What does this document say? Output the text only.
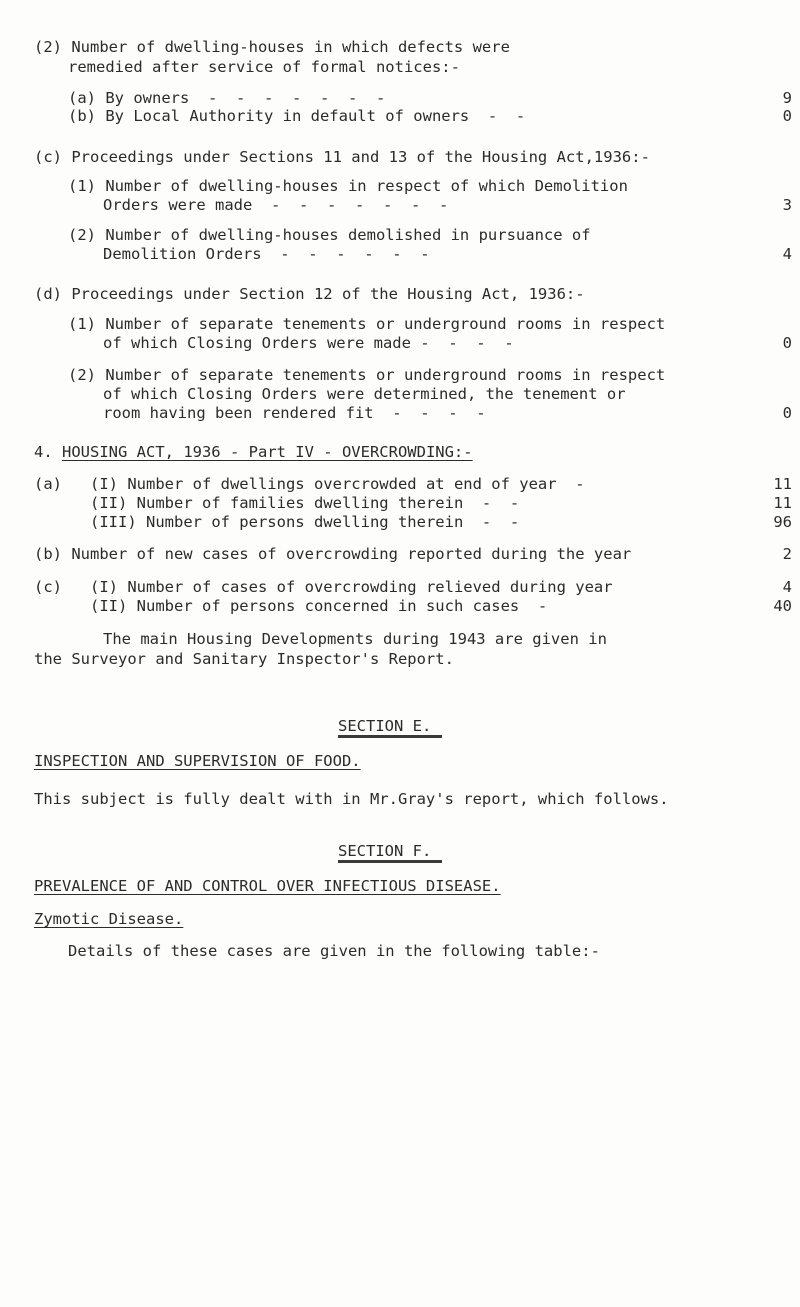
(2) Number of dwelling-houses in which defects were
remedied after service of formal notices:-
(a) By owners  -  -  -  -  -  -  -	9
(b) By Local Authority in default of owners  -  -	0
(c) Proceedings under Sections 11 and 13 of the Housing Act,1936:-
(1) Number of dwelling-houses in respect of which Demolition
Orders were made  -  -  -  -  -  -  -	3
(2) Number of dwelling-houses demolished in pursuance of
Demolition Orders  -  -  -  -  -  -	4
(d) Proceedings under Section 12 of the Housing Act, 1936:-
(1) Number of separate tenements or underground rooms in respect
of which Closing Orders were made -  -  -  -	0
(2) Number of separate tenements or underground rooms in respect
of which Closing Orders were determined, the tenement or
room having been rendered fit  -  -  -  -	0
4. HOUSING ACT, 1936 - Part IV - OVERCROWDING:-
(a) (I) Number of dwellings overcrowded at end of year  -	11
(II) Number of families dwelling therein  -  -	11
(III) Number of persons dwelling therein  -  -	96
(b) Number of new cases of overcrowding reported during the year	2
(c) (I) Number of cases of overcrowding relieved during year	4
(II) Number of persons concerned in such cases  -	40
The main Housing Developments during 1943 are given in
the Surveyor and Sanitary Inspector's Report.
SECTION E.
INSPECTION AND SUPERVISION OF FOOD.
This subject is fully dealt with in Mr.Gray's report, which follows.
SECTION F.
PREVALENCE OF AND CONTROL OVER INFECTIOUS DISEASE.
Zymotic Disease.
Details of these cases are given in the following table:-
